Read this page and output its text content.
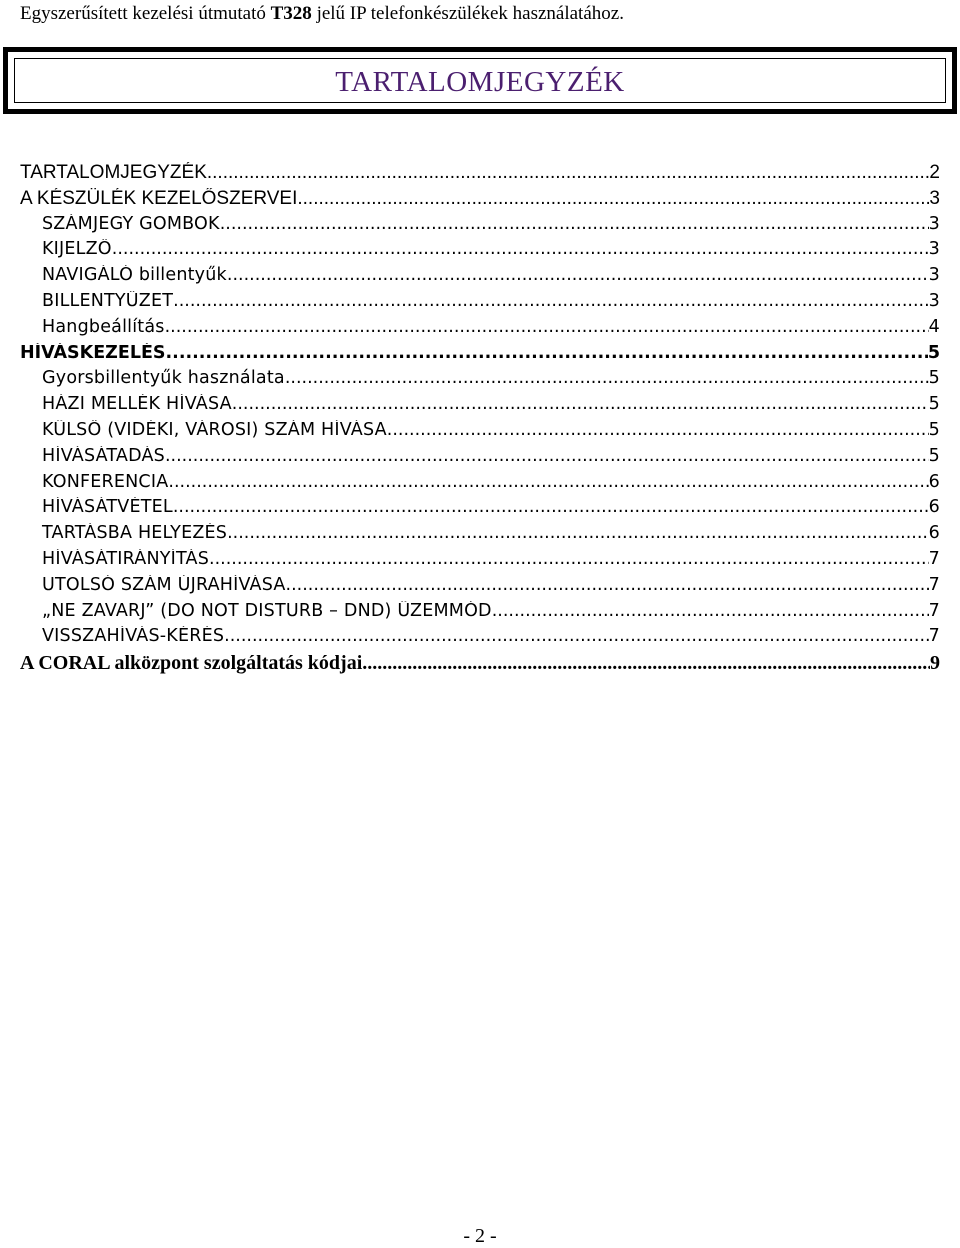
Egyszerűsített kezelési útmutató T328 jelű IP telefonkészülékek használatához.
TARTALOMJEGYZÉK
TARTALOMJEGYZÉK .....	2
A KÉSZÜLÉK KEZELŐSZERVEI .....	3
SZÁMJEGY GOMBOK .....	3
KIJELZŐ .....	3
NAVIGÁLÓ billentyűk .....	3
BILLENTYŰZET .....	3
Hangbeállítás .....	4
HÍVÁSKEZELÉS .....	5
Gyorsbillentyűk használata .....	5
HÁZI MELLÉK HÍVÁSA .....	5
KÜLSŐ (VIDÉKI, VÁROSI) SZÁM HÍVÁSA .....	5
HÍVÁSÁTADÁS .....	5
KONFERENCIA .....	6
HÍVÁSÁTVÉTEL .....	6
TARTÁSBA HELYEZÉS .....	6
HÍVÁSÁTIRÁNYÍTÁS .....	7
UTOLSÓ SZÁM ÚJRAHÍVÁSA .....	7
„NE ZAVARJ” (DO NOT DISTURB – DND) ÜZEMMÓD .....	7
VISSZAHÍVÁS-KÉRÉS .....	7
A CORAL alközpont szolgáltatás kódjai .....	9
- 2 -
